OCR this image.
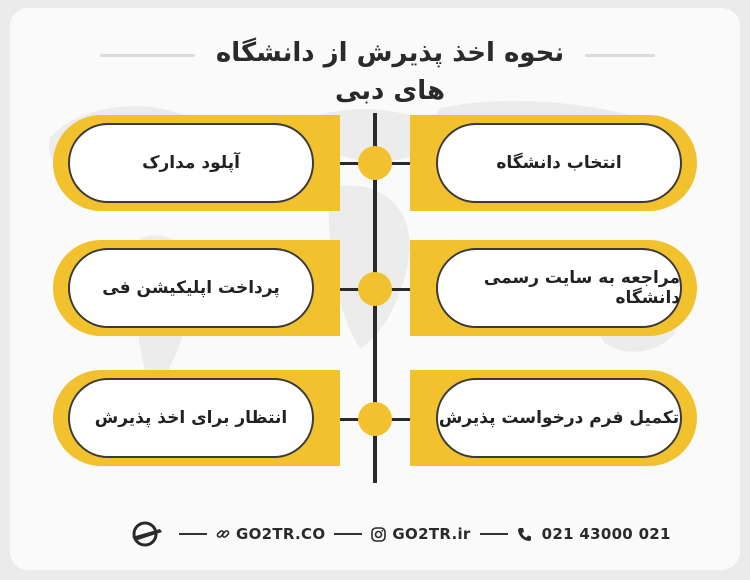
نحوه اخذ پذیرش از دانشگاه های دبی
آپلود مدارک	انتخاب دانشگاه
پرداخت اپلیکیشن فی	مراجعه به سایت رسمی دانشگاه
انتظار برای اخذ پذیرش	تکمیل فرم درخواست پذیرش
GO2TR.CO	GO2TR.ir	021 43000 021
